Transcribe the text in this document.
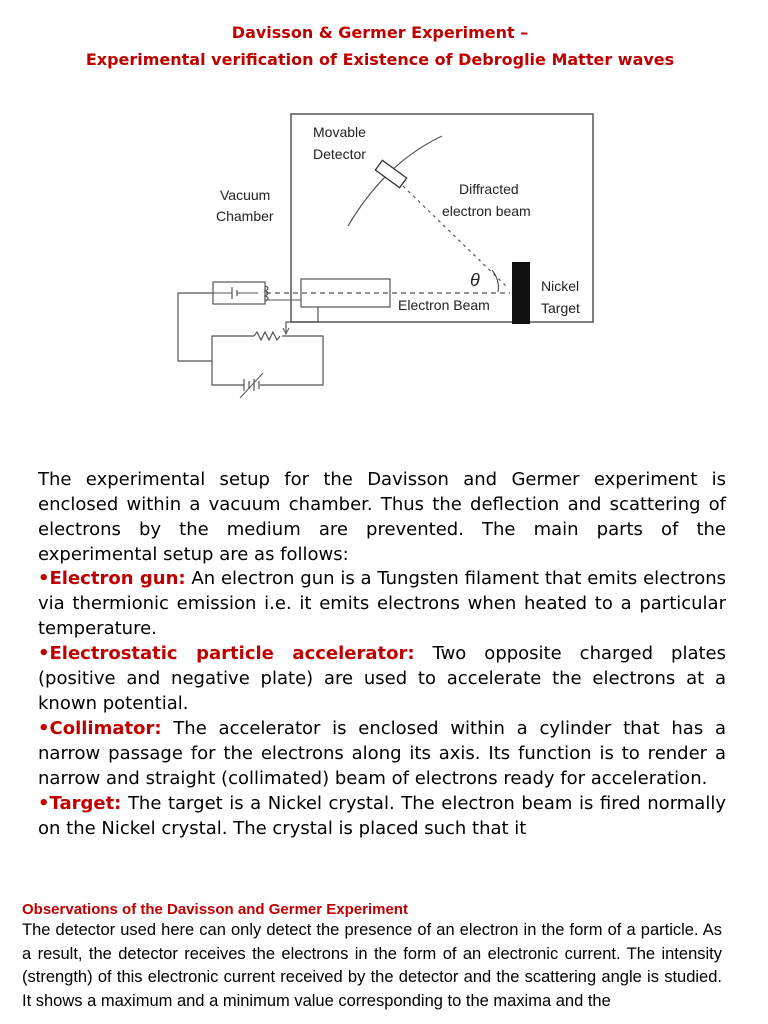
Davisson & Germer Experiment –
Experimental verification of Existence of Debroglie Matter waves
Movable
Detector
Vacuum
Chamber
Diffracted
electron beam
θ
Electron Beam
Nickel
Target

The experimental setup for the Davisson and Germer experiment is enclosed within a vacuum chamber. Thus the deflection and scattering of electrons by the medium are prevented. The main parts of the experimental setup are as follows:

•Electron gun: An electron gun is a Tungsten filament that emits electrons via thermionic emission i.e. it emits electrons when heated to a particular temperature.

•Electrostatic particle accelerator: Two opposite charged plates (positive and negative plate) are used to accelerate the electrons at a known potential.

•Collimator: The accelerator is enclosed within a cylinder that has a narrow passage for the electrons along its axis. Its function is to render a narrow and straight (collimated) beam of electrons ready for acceleration.

•Target: The target is a Nickel crystal. The electron beam is fired normally on the Nickel crystal. The crystal is placed such that it

Observations of the Davisson and Germer Experiment

The detector used here can only detect the presence of an electron in the form of a particle. As a result, the detector receives the electrons in the form of an electronic current. The intensity (strength) of this electronic current received by the detector and the scattering angle is studied. It shows a maximum and a minimum value corresponding to the maxima and the
